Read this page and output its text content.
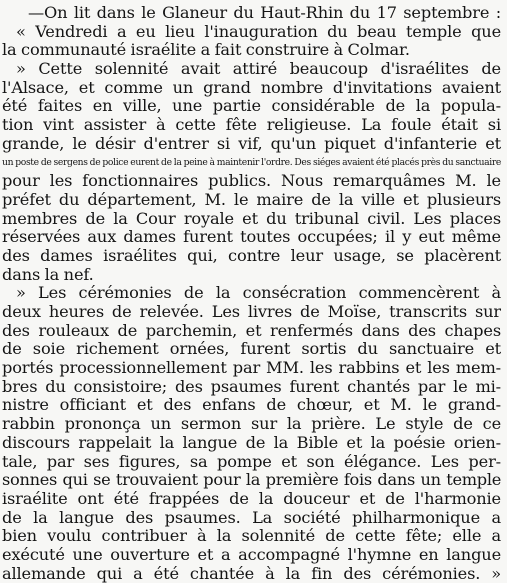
—On lit dans le Glaneur du Haut-Rhin du 17 septembre :
« Vendredi a eu lieu l'inauguration du beau temple que
la communauté israélite a fait construire à Colmar.
» Cette solennité avait attiré beaucoup d'israélites de
l'Alsace, et comme un grand nombre d'invitations avaient
été faites en ville, une partie considérable de la popula-
tion vint assister à cette fête religieuse. La foule était si
grande, le désir d'entrer si vif, qu'un piquet d'infanterie et
un poste de sergens de police eurent de la peine à maintenir l'ordre. Des siéges avaient été placés près du sanctuaire
pour les fonctionnaires publics. Nous remarquâmes M. le
préfet du département, M. le maire de la ville et plusieurs
membres de la Cour royale et du tribunal civil. Les places
réservées aux dames furent toutes occupées; il y eut même
des dames israélites qui, contre leur usage, se placèrent
dans la nef.
» Les cérémonies de la consécration commencèrent à
deux heures de relevée. Les livres de Moïse, transcrits sur
des rouleaux de parchemin, et renfermés dans des chapes
de soie richement ornées, furent sortis du sanctuaire et
portés processionnellement par MM. les rabbins et les mem-
bres du consistoire; des psaumes furent chantés par le mi-
nistre officiant et des enfans de chœur, et M. le grand-
rabbin prononça un sermon sur la prière. Le style de ce
discours rappelait la langue de la Bible et la poésie orien-
tale, par ses figures, sa pompe et son élégance. Les per-
sonnes qui se trouvaient pour la première fois dans un temple
israélite ont été frappées de la douceur et de l'harmonie
de la langue des psaumes. La société philharmonique a
bien voulu contribuer à la solennité de cette fête; elle a
exécuté une ouverture et a accompagné l'hymne en langue
allemande qui a été chantée à la fin des cérémonies. »
